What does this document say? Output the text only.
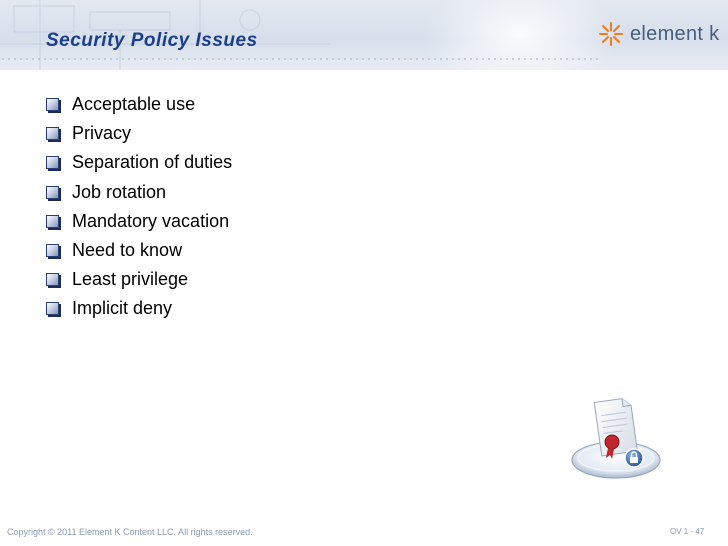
Security Policy Issues	element k
Acceptable use
Privacy
Separation of duties
Job rotation
Mandatory vacation
Need to know
Least privilege
Implicit deny
Copyright © 2011 Element K Content LLC. All rights reserved.	OV 1 - 47
